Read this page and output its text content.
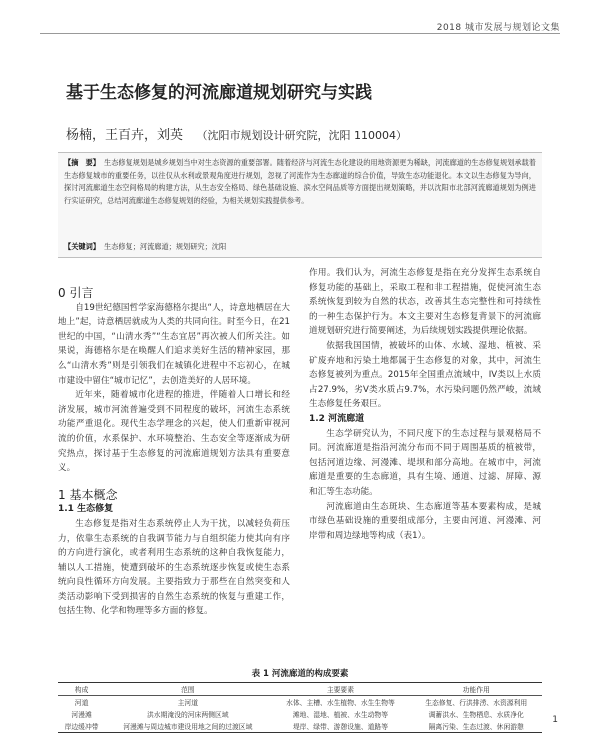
2018 城市发展与规划论文集
基于生态修复的河流廊道规划研究与实践
杨楠，王百卉，刘英 （沈阳市规划设计研究院，沈阳 110004）
【摘　要】 生态修复规划是城乡规划当中对生态资源的重要部署。随着经济与河流生态化建设的用地资源更为稀缺，河流廊道的生态修复规划承载着生态修复城市的重要任务，以往仅从水利或景观角度进行规划，忽视了河流作为生态廊道的综合价值，导致生态功能退化。本文以生态修复为导向，探讨河流廊道生态空间格局的构建方法，从生态安全格局、绿色基础设施、滨水空间品质等方面提出规划策略，并以沈阳市北部河流廊道规划为例进行实证研究，总结河流廊道生态修复规划的经验，为相关规划实践提供参考。
【关键词】 生态修复；河流廊道；规划研究；沈阳

0 引言

自19世纪德国哲学家海德格尔提出“人，诗意地栖居在大地上”起，诗意栖居就成为人类的共同向往。时至今日，在21世纪的中国，“山清水秀”“生态宜居”再次被人们所关注。如果说，海德格尔是在唤醒人们追求美好生活的精神家园，那么“山清水秀”则是引领我们在城镇化进程中不忘初心，在城市建设中留住“城市记忆”，去创造美好的人居环境。

近年来，随着城市化进程的推进，伴随着人口增长和经济发展，城市河流普遍受到不同程度的破坏，河流生态系统功能严重退化。现代生态学理念的兴起，使人们重新审视河流的价值，水系保护、水环境整治、生态安全等逐渐成为研究热点，探讨基于生态修复的河流廊道规划方法具有重要意义。

1 基本概念

1.1 生态修复

生态修复是指对生态系统停止人为干扰，以减轻负荷压力，依靠生态系统的自我调节能力与自组织能力使其向有序的方向进行演化，或者利用生态系统的这种自我恢复能力，辅以人工措施，使遭到破坏的生态系统逐步恢复或使生态系统向良性循环方向发展。主要指致力于那些在自然突变和人类活动影响下受到损害的自然生态系统的恢复与重建工作，包括生物、化学和物理等多方面的修复。

作用。我们认为，河流生态修复是指在充分发挥生态系统自修复功能的基础上，采取工程和非工程措施，促使河流生态系统恢复到较为自然的状态，改善其生态完整性和可持续性的一种生态保护行为。本文主要对生态修复背景下的河流廊道规划研究进行简要阐述，为后续规划实践提供理论依据。

依据我国国情，被破坏的山体、水域、湿地、植被、采矿废弃地和污染土地都属于生态修复的对象，其中，河流生态修复被列为重点。2015年全国重点流域中，IV类以上水质占27.9%，劣V类水质占9.7%，水污染问题仍然严峻，流域生态修复任务艰巨。

1.2 河流廊道

生态学研究认为，不同尺度下的生态过程与景观格局不同。河流廊道是指沿河流分布而不同于周围基质的植被带，包括河道边缘、河漫滩、堤坝和部分高地。在城市中，河流廊道是重要的生态廊道，具有生境、通道、过滤、屏障、源和汇等生态功能。

河流廊道由生态斑块、生态廊道等基本要素构成，是城市绿色基础设施的重要组成部分，主要由河道、河漫滩、河岸带和周边绿地等构成（表1）。

表 1 河流廊道的构成要素
构成	范围	主要要素	功能作用
河道	主河道	水体、主槽、水生植物、水生生物等	生态修复、行洪排涝、水资源利用
河漫滩	洪水期淹没的河床两侧区域	滩地、湿地、植被、水生动物等	调蓄洪水、生物栖息、水质净化
岸边缓冲带	河漫滩与周边城市建设用地之间的过渡区域	堤岸、绿带、游憩设施、道路等	隔离污染、生态过渡、休闲游憩
1
